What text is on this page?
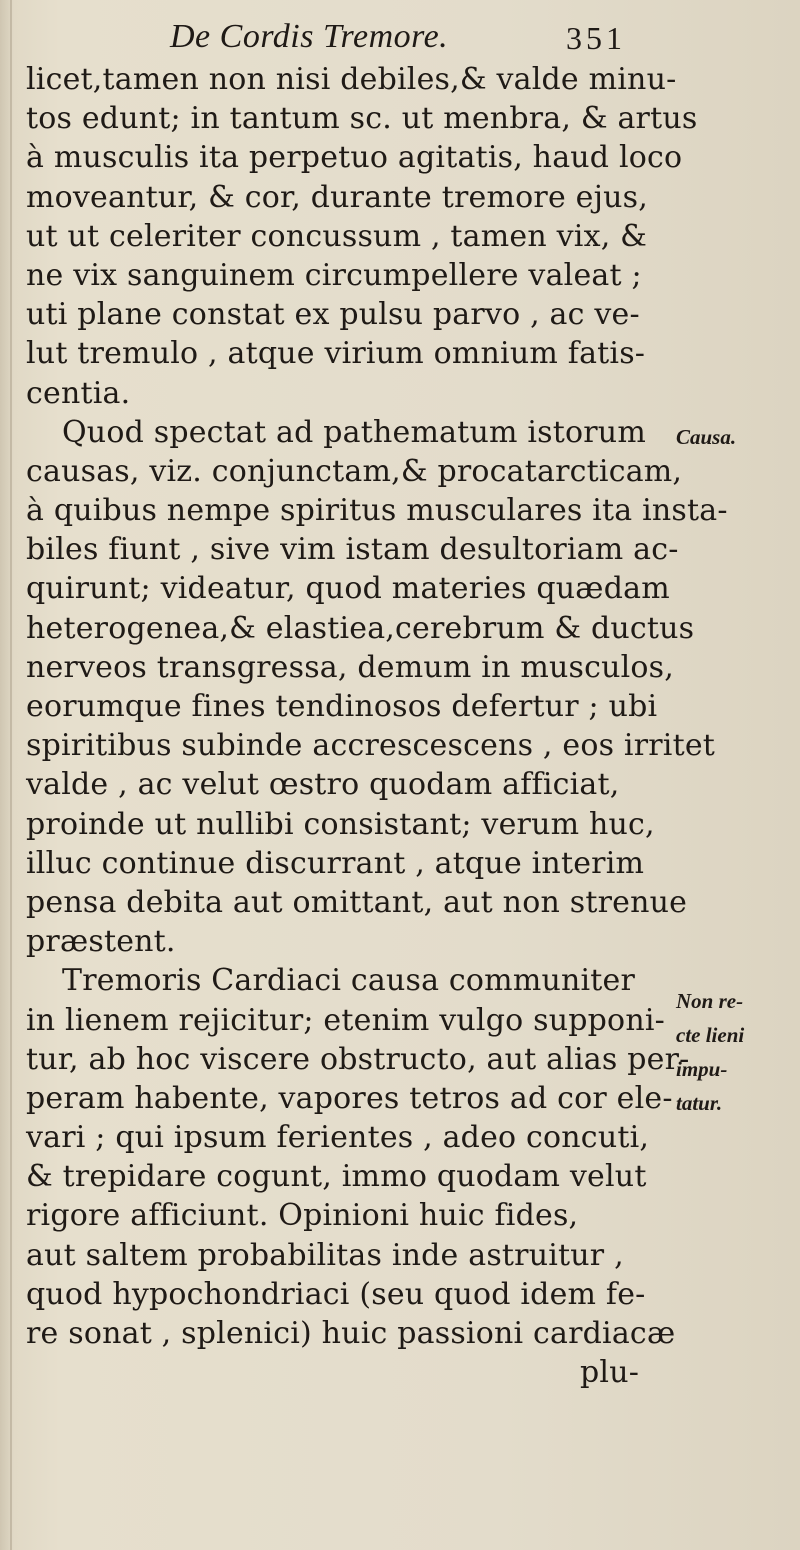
De Cordis Tremore.	351
licet,tamen non nisi debiles,& valde minu-
tos edunt; in tantum sc. ut menbra, & artus
à musculis ita perpetuo agitatis, haud loco
moveantur, & cor, durante tremore ejus,
ut ut celeriter concussum , tamen vix, &
ne vix sanguinem circumpellere valeat ;
uti plane constat ex pulsu parvo , ac ve-
lut tremulo , atque virium omnium fatis-
centia.
Quod spectat ad pathematum istorum
causas, viz. conjunctam,& procatarcticam,
à quibus nempe spiritus musculares ita insta-
biles fiunt , sive vim istam desultoriam ac-
quirunt; videatur, quod materies quædam
heterogenea,& elastiea,cerebrum & ductus
nerveos transgressa, demum in musculos,
eorumque fines tendinosos defertur ; ubi
spiritibus subinde accrescescens , eos irritet
valde , ac velut œstro quodam afficiat,
proinde ut nullibi consistant; verum huc,
illuc continue discurrant , atque interim
pensa debita aut omittant, aut non strenue
præstent.
Tremoris Cardiaci causa communiter
in lienem rejicitur; etenim vulgo supponi-
tur, ab hoc viscere obstructo, aut alias per-
peram habente, vapores tetros ad cor ele-
vari ; qui ipsum ferientes , adeo concuti,
& trepidare cogunt, immo quodam velut
rigore afficiunt. Opinioni huic fides,
aut saltem probabilitas inde astruitur ,
quod hypochondriaci (seu quod idem fe-
re sonat , splenici) huic passioni cardiacæ
plu-
Causa.
Non re-
cte lieni
impu-
tatur.
